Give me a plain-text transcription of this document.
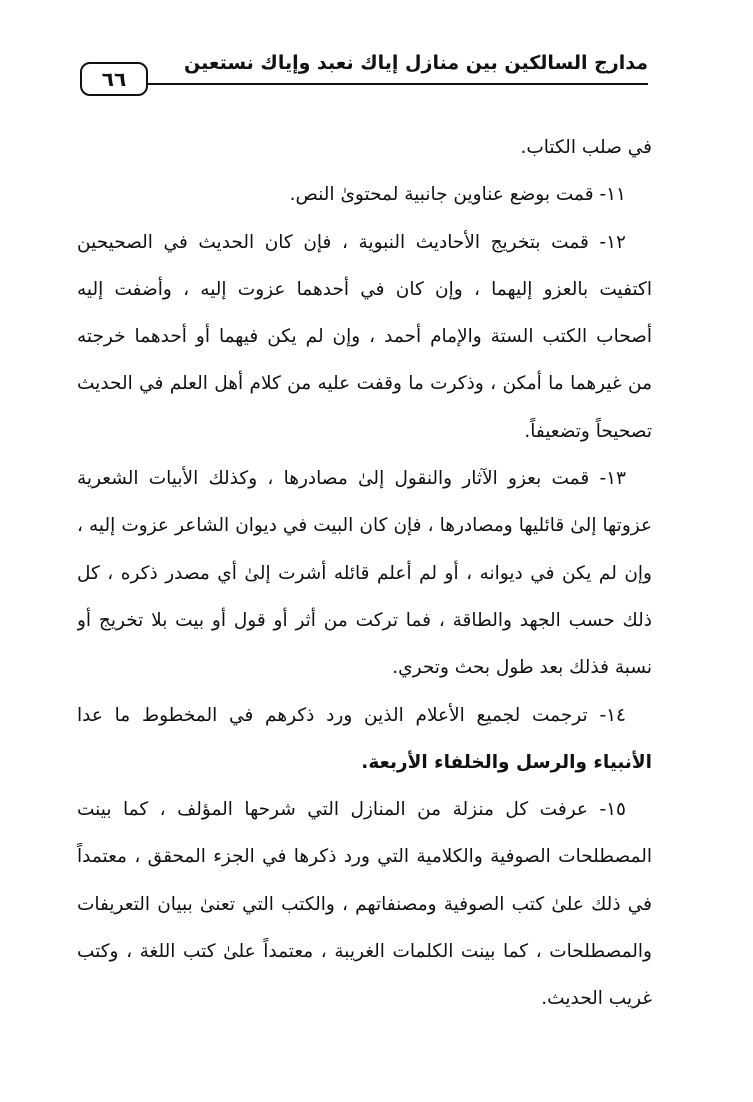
مدارج السالكين بين منازل إياك نعبد وإياك نستعين
٦٦
في صلب الكتاب.
١١- قمت بوضع عناوين جانبية لمحتوىٰ النص.
١٢- قمت بتخريج الأحاديث النبوية ، فإن كان الحديث في الصحيحين
اكتفيت بالعزو إليهما ، وإن كان في أحدهما عزوت إليه ، وأضفت إليه
أصحاب الكتب الستة والإمام أحمد ، وإن لم يكن فيهما أو أحدهما خرجته
من غيرهما ما أمكن ، وذكرت ما وقفت عليه من كلام أهل العلم في الحديث
تصحيحاً وتضعيفاً.
١٣- قمت بعزو الآثار والنقول إلىٰ مصادرها ، وكذلك الأبيات الشعرية
عزوتها إلىٰ قائليها ومصادرها ، فإن كان البيت في ديوان الشاعر عزوت إليه ،
وإن لم يكن في ديوانه ، أو لم أعلم قائله أشرت إلىٰ أي مصدر ذكره ، كل
ذلك حسب الجهد والطاقة ، فما تركت من أثر أو قول أو بيت بلا تخريج أو
نسبة فذلك بعد طول بحث وتحري.
١٤- ترجمت لجميع الأعلام الذين ورد ذكرهم في المخطوط ما عدا
الأنبياء والرسل والخلفاء الأربعة.
١٥- عرفت كل منزلة من المنازل التي شرحها المؤلف ، كما بينت
المصطلحات الصوفية والكلامية التي ورد ذكرها في الجزء المحقق ، معتمداً
في ذلك علىٰ كتب الصوفية ومصنفاتهم ، والكتب التي تعنىٰ ببيان التعريفات
والمصطلحات ، كما بينت الكلمات الغريبة ، معتمداً علىٰ كتب اللغة ، وكتب
غريب الحديث.
